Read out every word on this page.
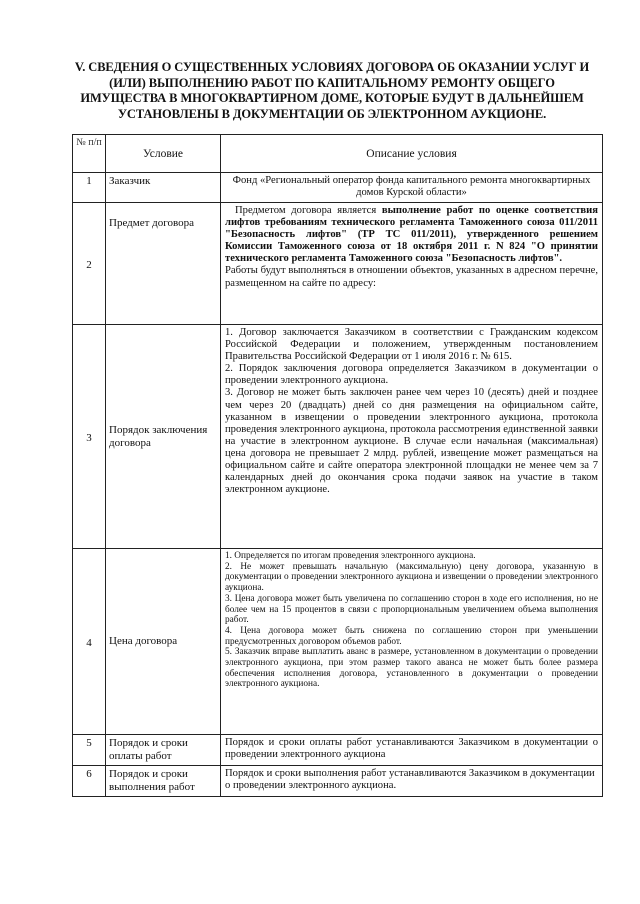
V. СВЕДЕНИЯ О СУЩЕСТВЕННЫХ УСЛОВИЯХ ДОГОВОРА ОБ ОКАЗАНИИ УСЛУГ И (ИЛИ) ВЫПОЛНЕНИЮ РАБОТ ПО КАПИТАЛЬНОМУ РЕМОНТУ ОБЩЕГО ИМУЩЕСТВА В МНОГОКВАРТИРНОМ ДОМЕ, КОТОРЫЕ БУДУТ В ДАЛЬНЕЙШЕМ УСТАНОВЛЕНЫ В ДОКУМЕНТАЦИИ ОБ ЭЛЕКТРОННОМ АУКЦИОНЕ.
№ п/п	Условие	Описание условия
1	Заказчик	Фонд «Региональный оператор фонда капитального ремонта многоквартирных домов Курской области»
2	Предмет договора	Предметом договора является выполнение работ по оценке соответствия лифтов требованиям технического регламента Таможенного союза 011/2011 "Безопасность лифтов" (ТР ТС 011/2011), утвержденного решением Комиссии Таможенного союза от 18 октября 2011 г. N 824 "О принятии технического регламента Таможенного союза "Безопасность лифтов".

Работы будут выполняться в отношении объектов, указанных в адресном перечне, размещенном на сайте по адресу:

3	Порядок заключения договора	1. Договор заключается Заказчиком в соответствии с Гражданским кодексом Российской Федерации и положением, утвержденным постановлением Правительства Российской Федерации от 1 июля 2016 г. № 615.

2. Порядок заключения договора определяется Заказчиком в документации о проведении электронного аукциона.

3. Договор не может быть заключен ранее чем через 10 (десять) дней и позднее чем через 20 (двадцать) дней со дня размещения на официальном сайте, указанном в извещении о проведении электронного аукциона, протокола проведения электронного аукциона, протокола рассмотрения единственной заявки на участие в электронном аукционе. В случае если начальная (максимальная) цена договора не превышает 2 млрд. рублей, извещение может размещаться на официальном сайте и сайте оператора электронной площадки не менее чем за 7 календарных дней до окончания срока подачи заявок на участие в таком электронном аукционе.

4	Цена договора	1. Определяется по итогам проведения электронного аукциона.

2. Не может превышать начальную (максимальную) цену договора, указанную в документации о проведении электронного аукциона и извещении о проведении электронного аукциона.

3. Цена договора может быть увеличена по соглашению сторон в ходе его исполнения, но не более чем на 15 процентов в связи с пропорциональным увеличением объема выполнения работ.

4. Цена договора может быть снижена по соглашению сторон при уменьшении предусмотренных договором объемов работ.

5. Заказчик вправе выплатить аванс в размере, установленном в документации о проведении электронного аукциона, при этом размер такого аванса не может быть более размера обеспечения исполнения договора, установленного в документации о проведении электронного аукциона.

5	Порядок и сроки оплаты работ	Порядок и сроки оплаты работ устанавливаются Заказчиком в документации о проведении электронного аукциона
6	Порядок и сроки выполнения работ	Порядок и сроки выполнения работ устанавливаются Заказчиком в документации о проведении электронного аукциона.
